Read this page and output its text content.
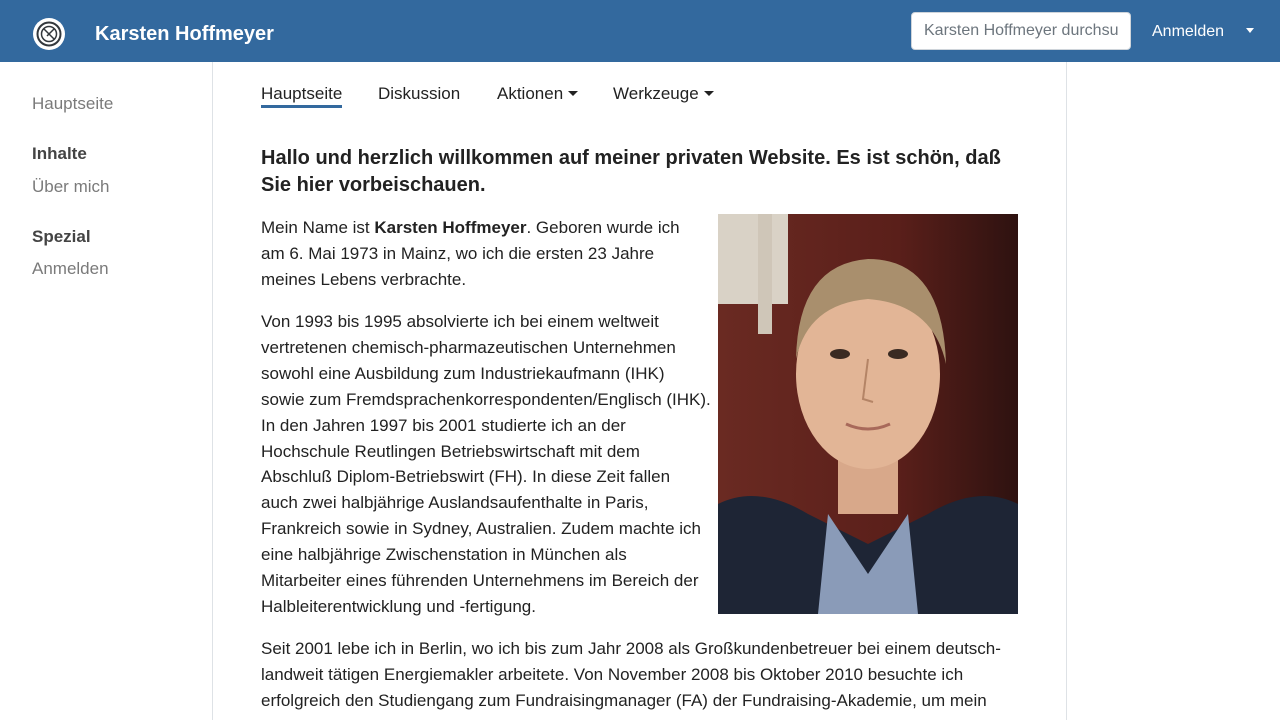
Karsten Hoffmeyer
Karsten Hoffmeyer durchsuchen	Anmelden
Hauptseite
Inhalte
Über mich
Spezial
Anmelden
Hauptseite Diskussion Aktionen	Werkzeuge
Hallo und herzlich willkommen auf meiner privaten Website. Es ist schön, daß Sie hier vorbeischauen.

Mein Name ist Karsten Hoffmeyer. Geboren wurde ich am 6. Mai 1973 in Mainz, wo ich die ersten 23 Jahre meines Lebens verbrachte.

Von 1993 bis 1995 absolvierte ich bei einem weltweit vertretenen chemisch-pharmazeutischen Unternehmen sowohl eine Ausbildung zum Industriekaufmann (IHK) sowie zum Fremdsprachenkorrespondenten/Englisch (IHK). In den Jahren 1997 bis 2001 studierte ich an der Hochschule Reutlingen Betriebswirtschaft mit dem Abschluß Diplom-Betriebswirt (FH). In diese Zeit fallen auch zwei halbjährige Auslandsaufenthalte in Paris, Frankreich sowie in Sydney, Australien. Zudem machte ich eine halbjährige Zwischenstation in München als Mitarbeiter eines führenden Unternehmens im Bereich der Halbleiterentwicklung und -fertigung.

Seit 2001 lebe ich in Berlin, wo ich bis zum Jahr 2008 als Großkundenbetreuer bei einem deutsch-landweit tätigen Energiemakler arbeitete. Von November 2008 bis Oktober 2010 besuchte ich erfolgreich den Studiengang zum Fundraisingmanager (FA) der Fundraising-Akademie, um mein
